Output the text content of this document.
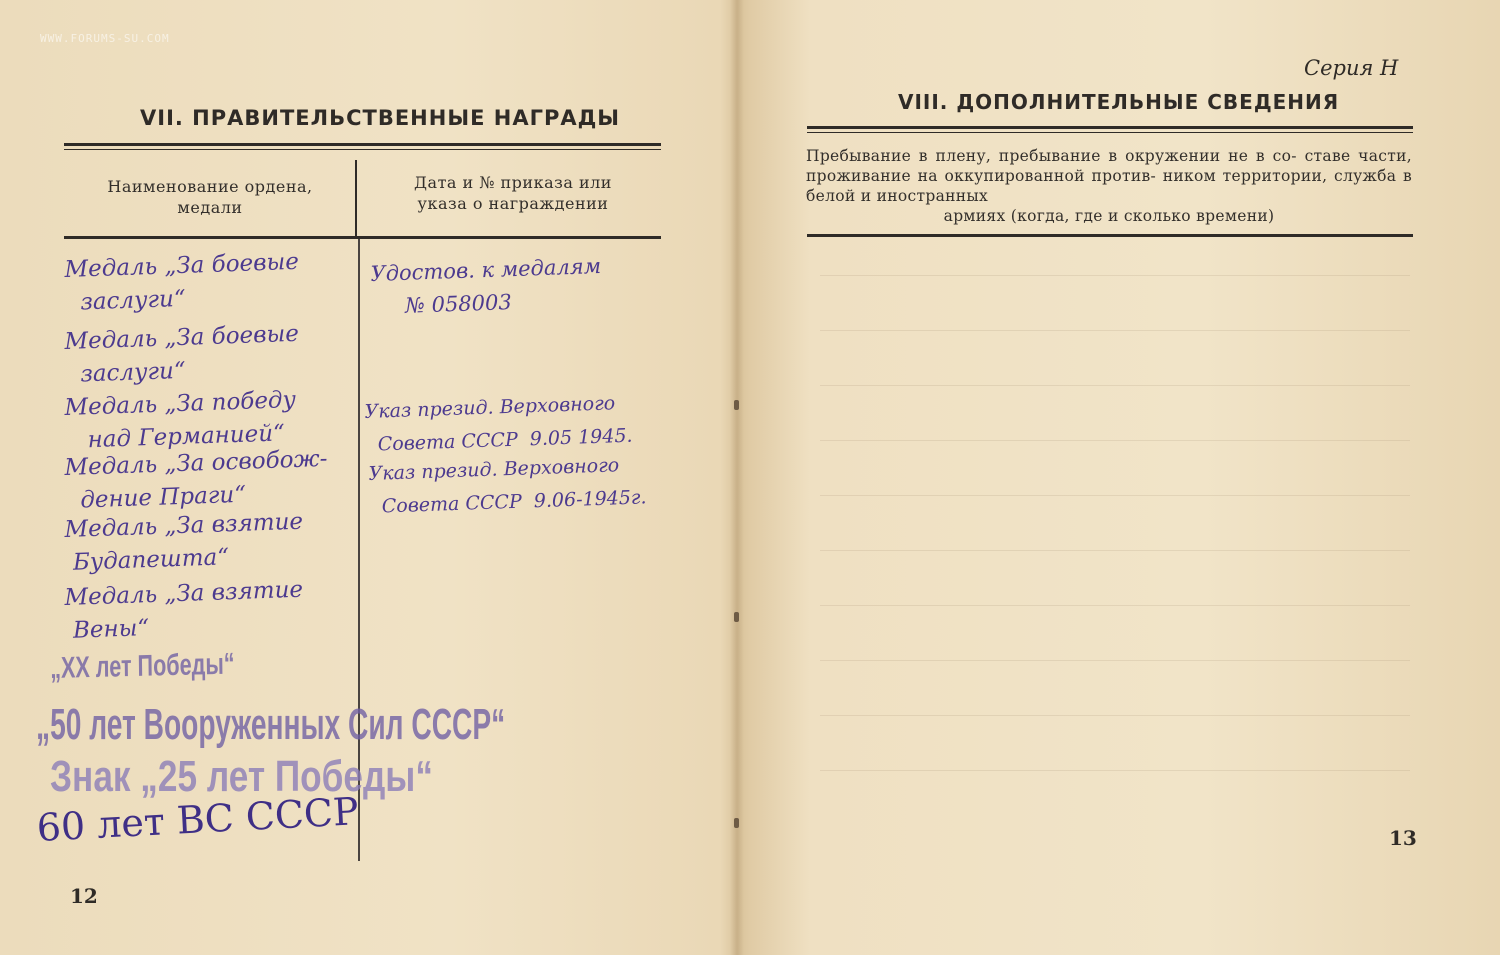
WWW.FORUMS-SU.COM
VII. ПРАВИТЕЛЬСТВЕННЫЕ НАГРАДЫ
Наименование ордена,
медали
Дата и № приказа или
указа о награждении
Медаль „За боевые
заслуги“
Медаль „За боевые
заслуги“
Медаль „За победу
над Германией“
Медаль „За освобож-
дение Праги“
Медаль „За взятие
Будапешта“
Медаль „За взятие
Вены“
Удостов. к медалям
№ 058003
Указ презид. Верховного
Совета СССР  9.05 1945.
Указ презид. Верховного
Совета СССР  9.06-1945г.
„XX лет Победы“
„50 лет Вооруженных Сил СССР“
Знак „25 лет Победы“
60 лет ВС СССР
12
Серия Н
VIII. ДОПОЛНИТЕЛЬНЫЕ СВЕДЕНИЯ
Пребывание в плену, пребывание в окружении не в со- ставе части, проживание на оккупированной против- ником территории, служба в белой и иностранных
армиях (когда, где и сколько времени)
13
